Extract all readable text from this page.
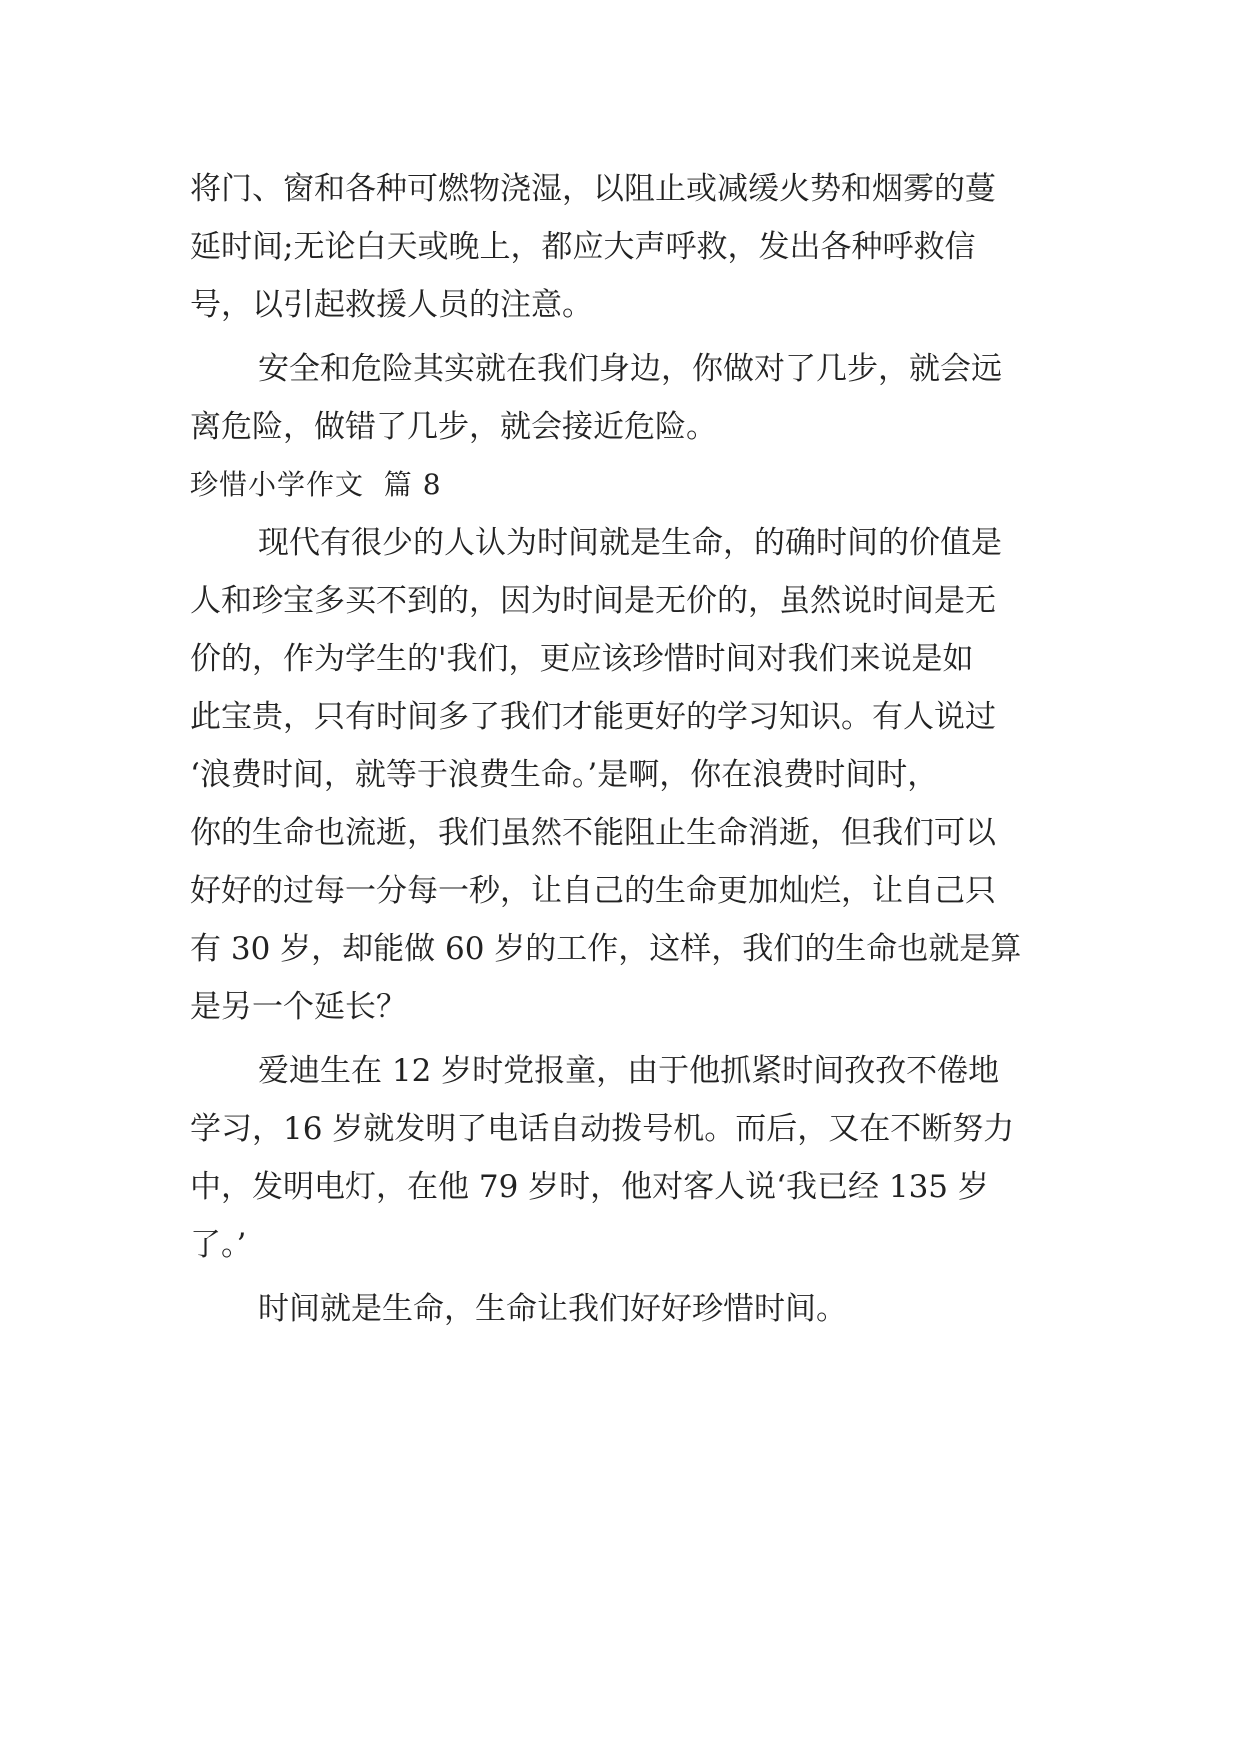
将门、窗和各种可燃物浇湿，以阻止或减缓火势和烟雾的蔓
延时间;无论白天或晚上，都应大声呼救，发出各种呼救信
号，以引起救援人员的注意。
安全和危险其实就在我们身边，你做对了几步，就会远
离危险，做错了几步，就会接近危险。
珍惜小学作文  篇 8
现代有很少的人认为时间就是生命，的确时间的价值是
人和珍宝多买不到的，因为时间是无价的，虽然说时间是无
价的，作为学生的'我们，更应该珍惜时间对我们来说是如
此宝贵，只有时间多了我们才能更好的学习知识。有人说过
‘浪费时间，就等于浪费生命。’是啊，你在浪费时间时，
你的生命也流逝，我们虽然不能阻止生命消逝，但我们可以
好好的过每一分每一秒，让自己的生命更加灿烂，让自己只
有 30 岁，却能做 60 岁的工作，这样，我们的生命也就是算
是另一个延长？
爱迪生在 12 岁时党报童，由于他抓紧时间孜孜不倦地
学习，16 岁就发明了电话自动拨号机。而后，又在不断努力
中，发明电灯，在他 79 岁时，他对客人说‘我已经 135 岁
了。’
时间就是生命，生命让我们好好珍惜时间。
